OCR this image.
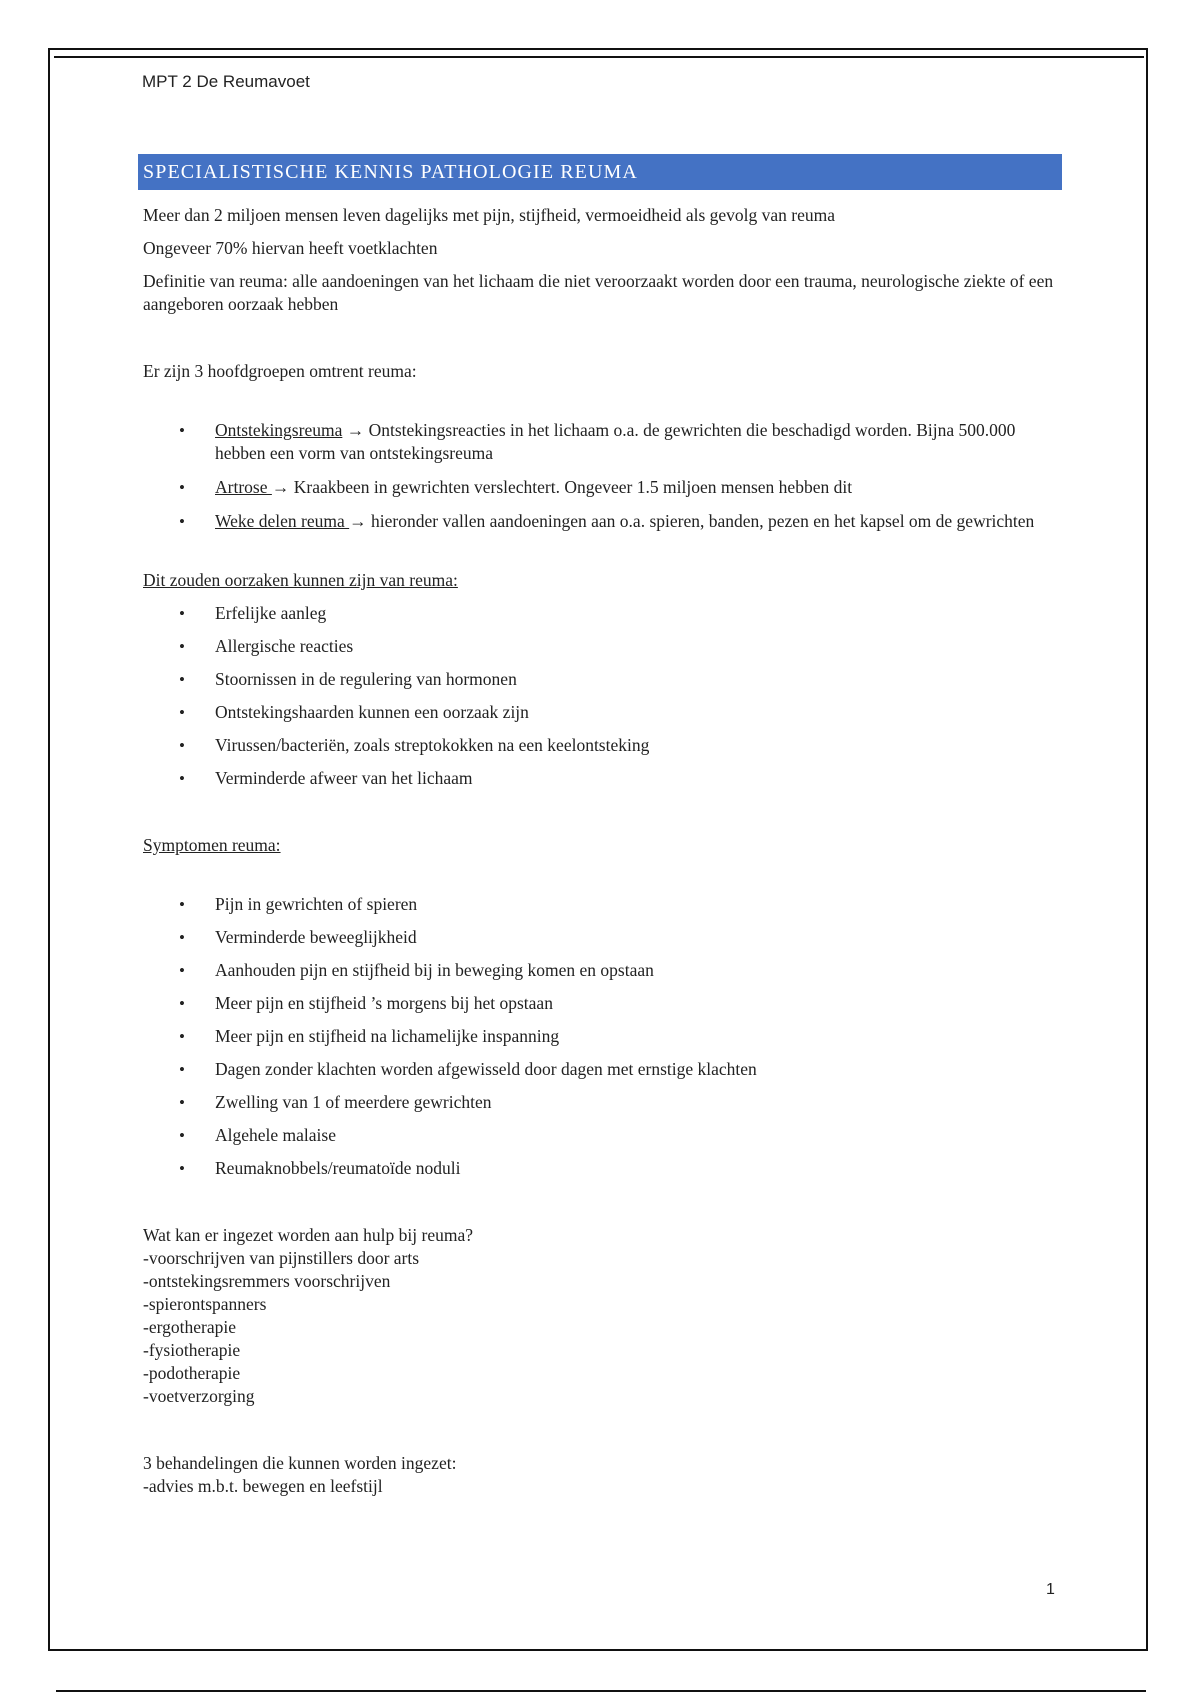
MPT 2 De Reumavoet
SPECIALISTISCHE KENNIS PATHOLOGIE REUMA

Meer dan 2 miljoen mensen leven dagelijks met pijn, stijfheid, vermoeidheid als gevolg van reuma

Ongeveer 70% hiervan heeft voetklachten

Definitie van reuma: alle aandoeningen van het lichaam die niet veroorzaakt worden door een trauma, neurologische ziekte of een aangeboren oorzaak hebben

Er zijn 3 hoofdgroepen omtrent reuma:

• Ontstekingsreuma → Ontstekingsreacties in het lichaam o.a. de gewrichten die beschadigd worden. Bijna 500.000 hebben een vorm van ontstekingsreuma
• Artrose → Kraakbeen in gewrichten verslechtert. Ongeveer 1.5 miljoen mensen hebben dit
• Weke delen reuma → hieronder vallen aandoeningen aan o.a. spieren, banden, pezen en het kapsel om de gewrichten

Dit zouden oorzaken kunnen zijn van reuma:

• Erfelijke aanleg
• Allergische reacties
• Stoornissen in de regulering van hormonen
• Ontstekingshaarden kunnen een oorzaak zijn
• Virussen/bacteriën, zoals streptokokken na een keelontsteking
• Verminderde afweer van het lichaam

Symptomen reuma:

• Pijn in gewrichten of spieren
• Verminderde beweeglijkheid
• Aanhouden pijn en stijfheid bij in beweging komen en opstaan
• Meer pijn en stijfheid ’s morgens bij het opstaan
• Meer pijn en stijfheid na lichamelijke inspanning
• Dagen zonder klachten worden afgewisseld door dagen met ernstige klachten
• Zwelling van 1 of meerdere gewrichten
• Algehele malaise
• Reumaknobbels/reumatoïde noduli

Wat kan er ingezet worden aan hulp bij reuma?

-voorschrijven van pijnstillers door arts

-ontstekingsremmers voorschrijven

-spierontspanners

-ergotherapie

-fysiotherapie

-podotherapie

-voetverzorging

3 behandelingen die kunnen worden ingezet:

-advies m.b.t. bewegen en leefstijl

1
